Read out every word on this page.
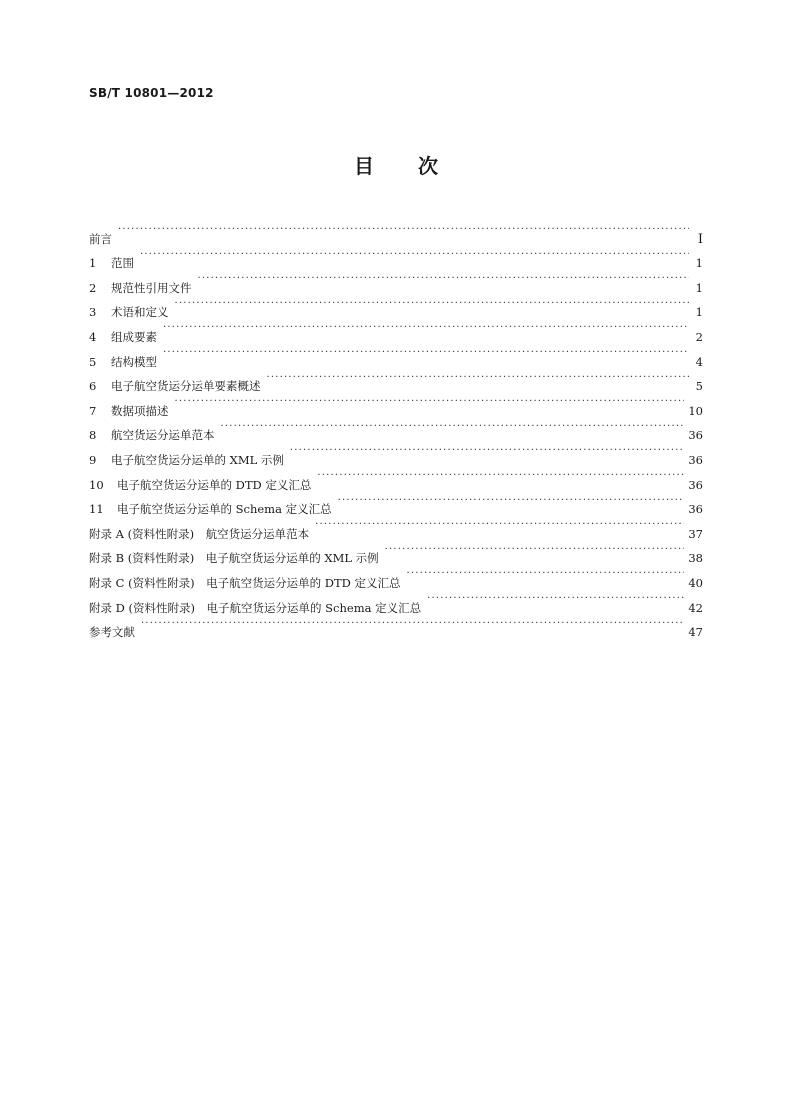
SB/T 10801—2012
目 次
前言 ·····	Ⅰ
1	范围 ·····	1
2	规范性引用文件 ·····	1
3	术语和定义 ·····	1
4	组成要素 ·····	2
5	结构模型 ·····	4
6	电子航空货运分运单要素概述 ·····	5
7	数据项描述 ·····	10
8	航空货运分运单范本 ·····	36
9	电子航空货运分运单的 XML 示例 ·····	36
10	电子航空货运分运单的 DTD 定义汇总 ·····	36
11	电子航空货运分运单的 Schema 定义汇总 ·····	36
附录 A (资料性附录)　航空货运分运单范本 ·····	37
附录 B (资料性附录)　电子航空货运分运单的 XML 示例 ·····	38
附录 C (资料性附录)　电子航空货运分运单的 DTD 定义汇总 ·····	40
附录 D (资料性附录)　电子航空货运分运单的 Schema 定义汇总 ·····	42
参考文献 ·····	47
